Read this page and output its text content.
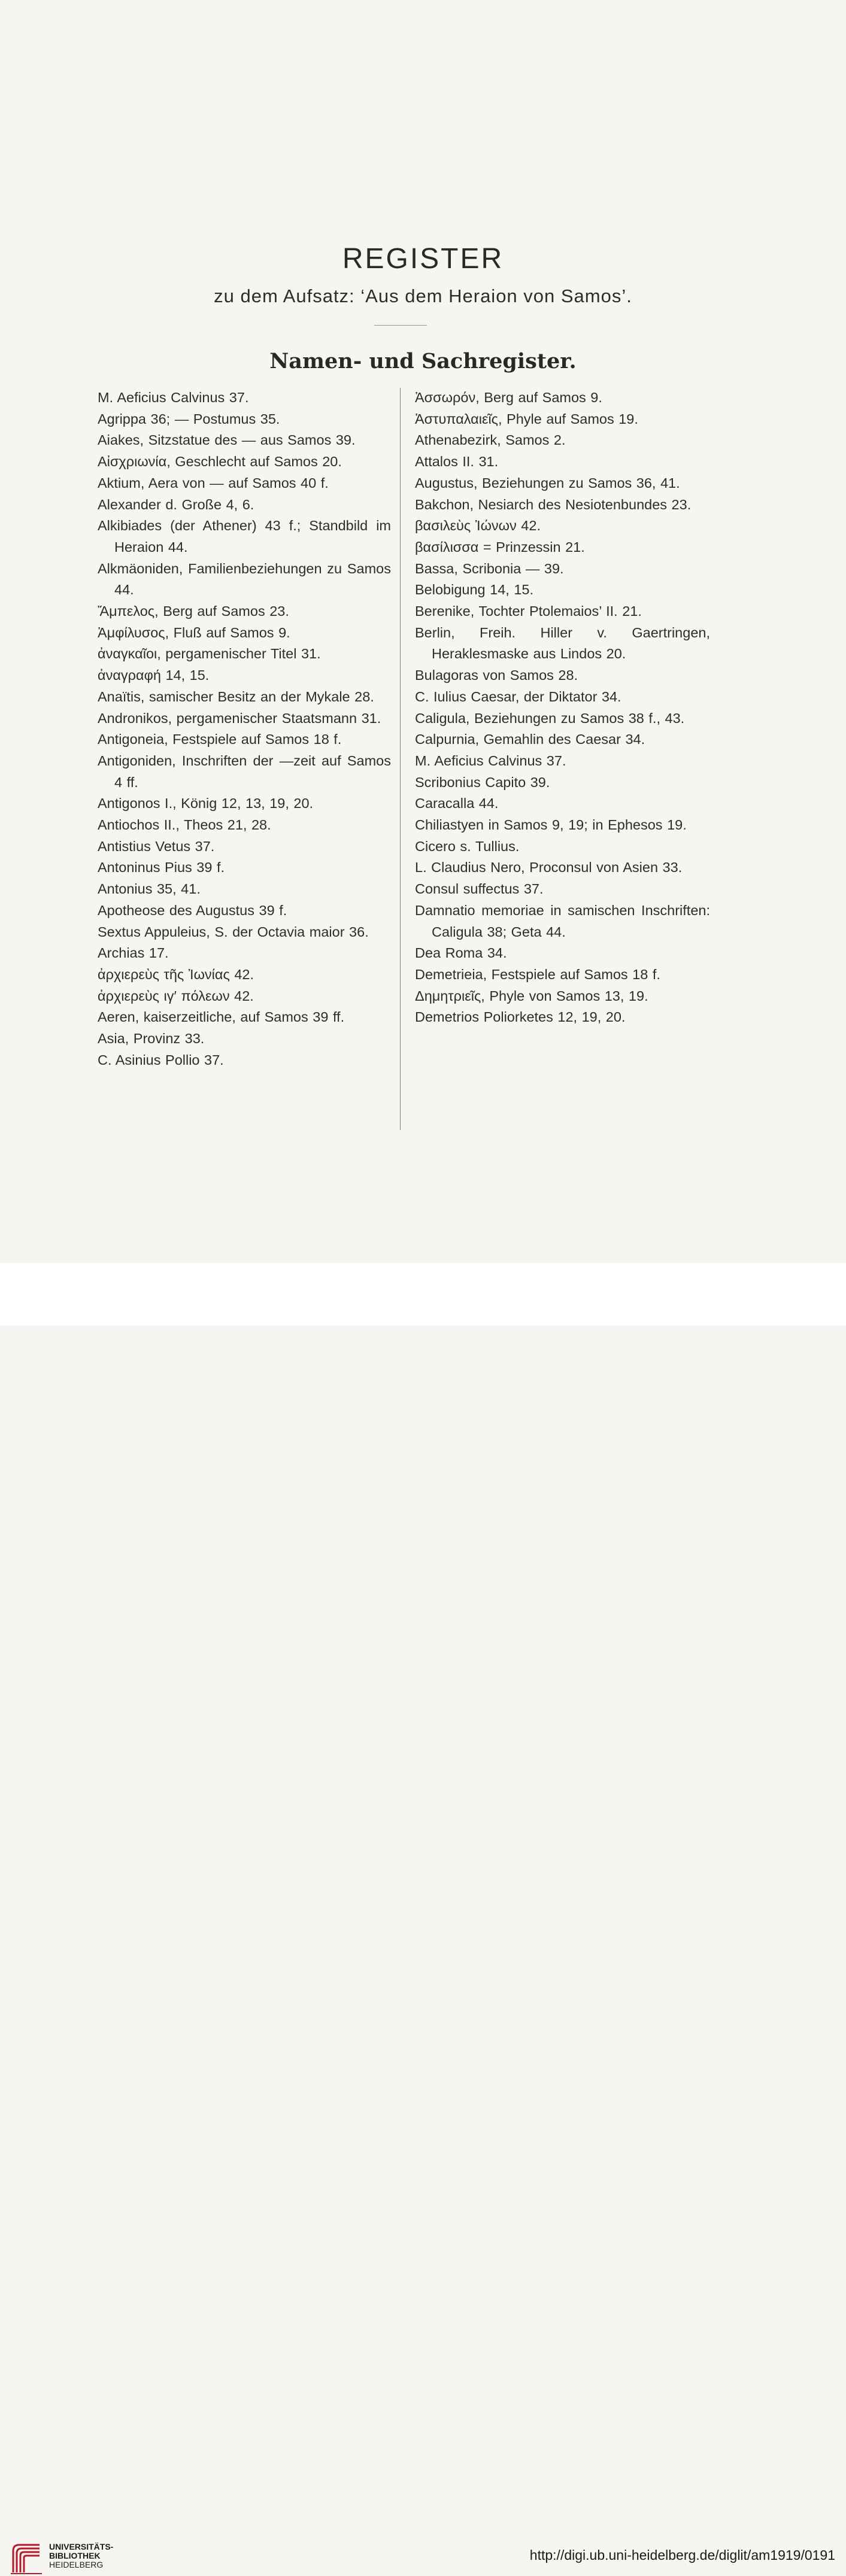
REGISTER
zu dem Aufsatz: ‘Aus dem Heraion von Samos’.
Namen- und Sachregister.
M. Aeficius Calvinus 37.
Agrippa 36; — Postumus 35.
Aiakes, Sitzstatue des — aus Samos 39.
Αἰσχριωνία, Geschlecht auf Samos 20.
Aktium, Aera von — auf Samos 40 f.
Alexander d. Große 4, 6.
Alkibiades (der Athener) 43 f.; Standbild im Heraion 44.
Alkmäoniden, Familienbeziehungen zu Samos 44.
Ἄμπελος, Berg auf Samos 23.
Ἀμφίλυσος, Fluß auf Samos 9.
ἀναγκαῖοι, pergamenischer Titel 31.
ἀναγραφή 14, 15.
Anaïtis, samischer Besitz an der Mykale 28.
Andronikos, pergamenischer Staatsmann 31.
Antigoneia, Festspiele auf Samos 18 f.
Antigoniden, Inschriften der —zeit auf Samos 4 ff.
Antigonos I., König 12, 13, 19, 20.
Antiochos II., Theos 21, 28.
Antistius Vetus 37.
Antoninus Pius 39 f.
Antonius 35, 41.
Apotheose des Augustus 39 f.
Sextus Appuleius, S. der Octavia maior 36.
Archias 17.
ἀρχιερεὺς τῆς Ἰωνίας 42.
ἀρχιερεὺς ιγ′ πόλεων 42.
Aeren, kaiserzeitliche, auf Samos 39 ff.
Asia, Provinz 33.
C. Asinius Pollio 37.
Ἀσσωρόν, Berg auf Samos 9.
Ἀστυπαλαιεῖς, Phyle auf Samos 19.
Athenabezirk, Samos 2.
Attalos II. 31.
Augustus, Beziehungen zu Samos 36, 41.
Bakchon, Nesiarch des Nesiotenbundes 23.
βασιλεὺς Ἰώνων 42.
βασίλισσα = Prinzessin 21.
Bassa, Scribonia — 39.
Belobigung 14, 15.
Berenike, Tochter Ptolemaios’ II. 21.
Berlin, Freih. Hiller v. Gaertringen, Heraklesmaske aus Lindos 20.
Bulagoras von Samos 28.
C. Iulius Caesar, der Diktator 34.
Caligula, Beziehungen zu Samos 38 f., 43.
Calpurnia, Gemahlin des Caesar 34.
M. Aeficius Calvinus 37.
Scribonius Capito 39.
Caracalla 44.
Chiliastyen in Samos 9, 19; in Ephesos 19.
Cicero s. Tullius.
L. Claudius Nero, Proconsul von Asien 33.
Consul suffectus 37.
Damnatio memoriae in samischen Inschriften: Caligula 38; Geta 44.
Dea Roma 34.
Demetrieia, Festspiele auf Samos 18 f.
Δημητριεῖς, Phyle von Samos 13, 19.
Demetrios Poliorketes 12, 19, 20.
UNIVERSITÄTS-
BIBLIOTHEK
HEIDELBERG
http://digi.ub.uni-heidelberg.de/diglit/am1919/0191
